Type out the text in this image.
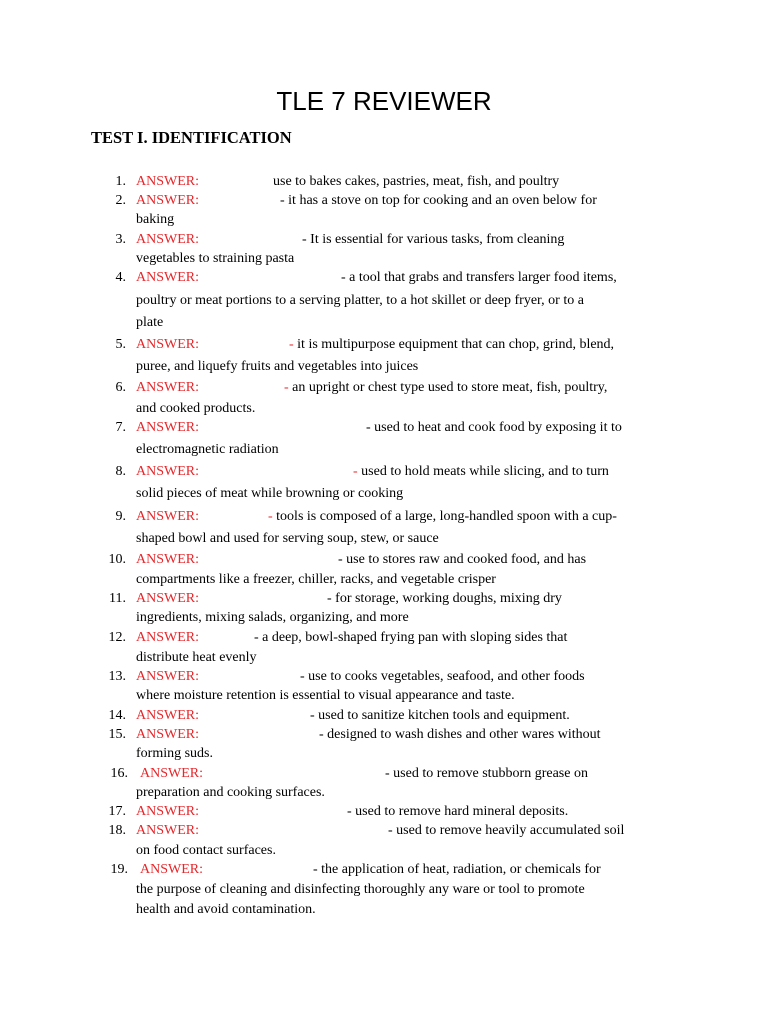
TLE 7 REVIEWER
TEST I. IDENTIFICATION
1. ANSWER:	use to bakes cakes, pastries, meat, fish, and poultry
2. ANSWER:	- it has a stove on top for cooking and an oven below for
baking
3. ANSWER:	- It is essential for various tasks, from cleaning
vegetables to straining pasta
4. ANSWER:	- a tool that grabs and transfers larger food items,
poultry or meat portions to a serving platter, to a hot skillet or deep fryer, or to a
plate
5. ANSWER:	- it is multipurpose equipment that can chop, grind, blend,
puree, and liquefy fruits and vegetables into juices
6. ANSWER:	- an upright or chest type used to store meat, fish, poultry,
and cooked products.
7. ANSWER:	- used to heat and cook food by exposing it to
electromagnetic radiation
8. ANSWER:	- used to hold meats while slicing, and to turn
solid pieces of meat while browning or cooking
9. ANSWER:	- tools is composed of a large, long-handled spoon with a cup-
shaped bowl and used for serving soup, stew, or sauce
10. ANSWER:	- use to stores raw and cooked food, and has
compartments like a freezer, chiller, racks, and vegetable crisper
11. ANSWER:	- for storage, working doughs, mixing dry
ingredients, mixing salads, organizing, and more
12. ANSWER:	- a deep, bowl-shaped frying pan with sloping sides that
distribute heat evenly
13. ANSWER:	- use to cooks vegetables, seafood, and other foods
where moisture retention is essential to visual appearance and taste.
14. ANSWER:	- used to sanitize kitchen tools and equipment.
15. ANSWER:	- designed to wash dishes and other wares without
forming suds.
16. ANSWER:	- used to remove stubborn grease on
preparation and cooking surfaces.
17. ANSWER:	- used to remove hard mineral deposits.
18. ANSWER:	- used to remove heavily accumulated soil
on food contact surfaces.
19. ANSWER:	- the application of heat, radiation, or chemicals for
the purpose of cleaning and disinfecting thoroughly any ware or tool to promote
health and avoid contamination.
